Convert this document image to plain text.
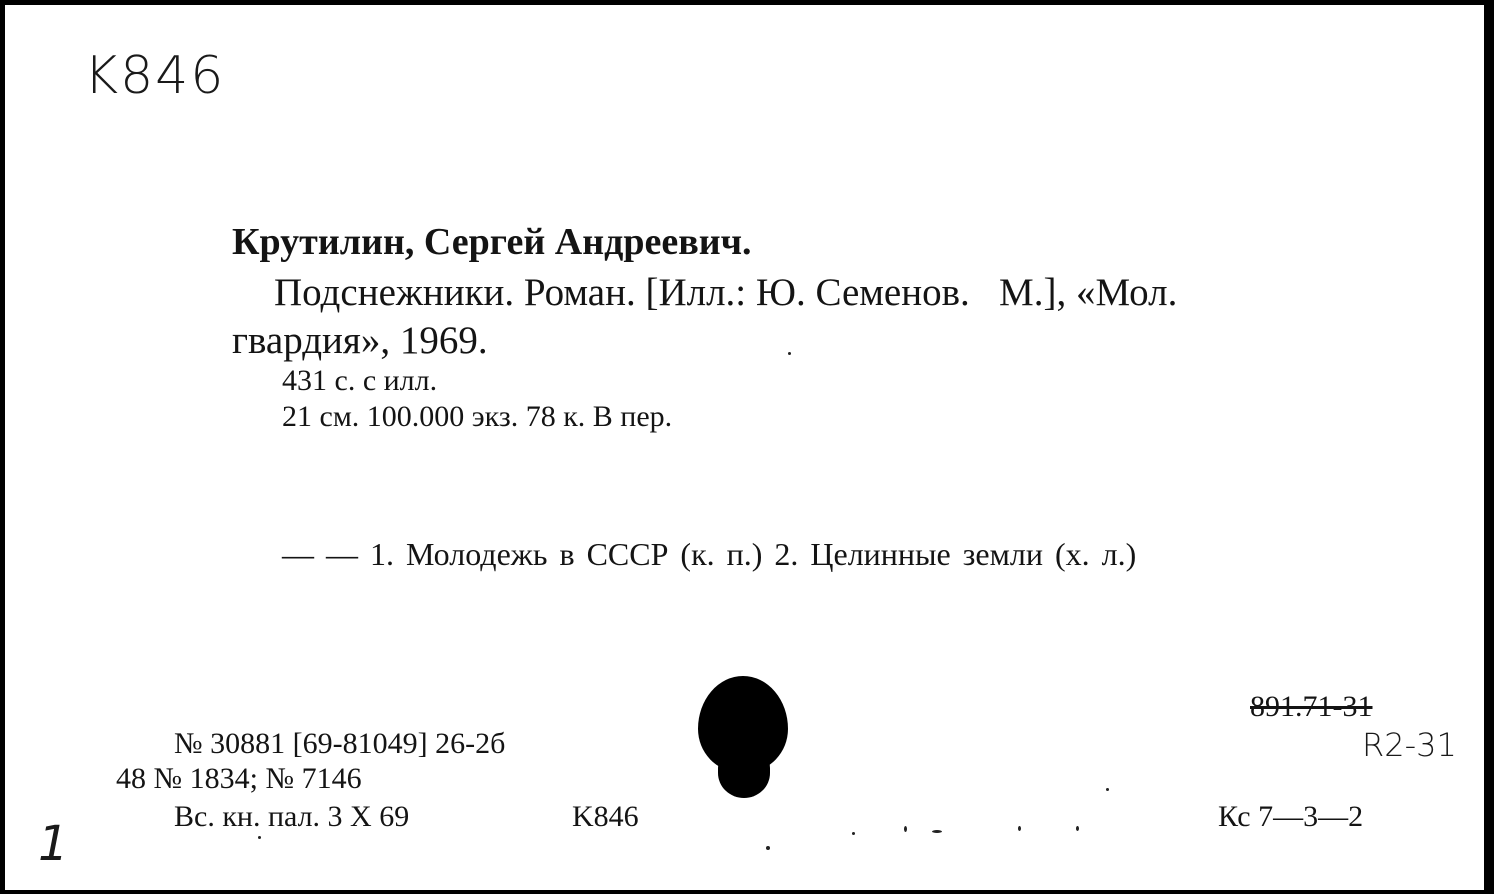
K846
Крутилин, Сергей Андреевич.
Подснежники. Роман. [Илл.: Ю. Семенов.   М.], «Мол.
гвардия», 1969.
431 с. с илл.
21 см. 100.000 экз. 78 к. В пер.
— — 1. Молодежь в СССР (к. п.) 2. Целинные земли (х. л.)
№ 30881 [69-81049] 26-2б
48 № 1834; № 7146
Вс. кн. пал. 3 X 69	K846
891.71-31
R2-31
Кс 7—3—2
1
